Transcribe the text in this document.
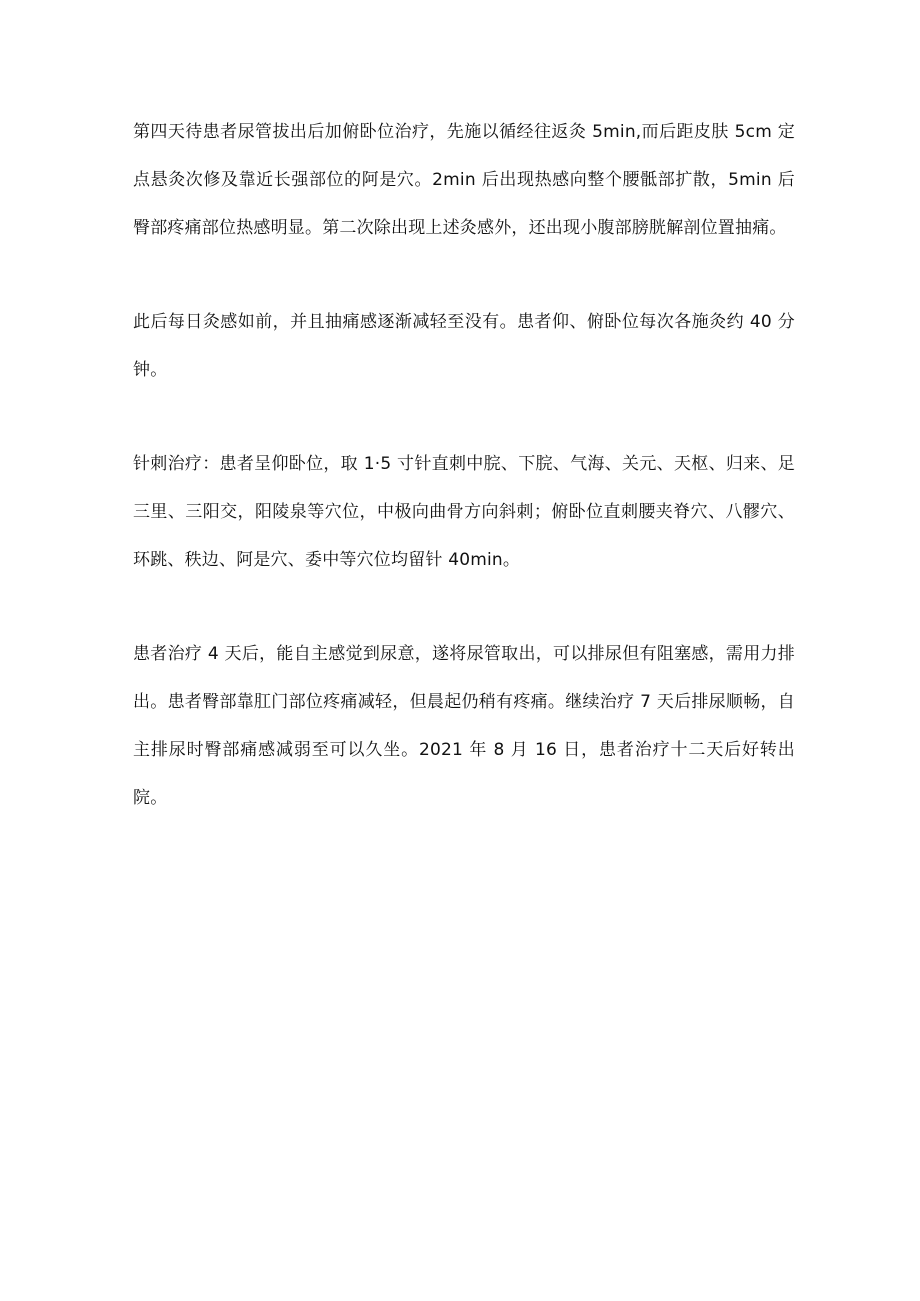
第四天待患者尿管拔出后加俯卧位治疗，先施以循经往返灸 5min,而后距皮肤 5cm 定点悬灸次修及靠近长强部位的阿是穴。2min 后出现热感向整个腰骶部扩散，5min 后臀部疼痛部位热感明显。第二次除出现上述灸感外，还出现小腹部膀胱解剖位置抽痛。

此后每日灸感如前，并且抽痛感逐渐减轻至没有。患者仰、俯卧位每次各施灸约 40 分钟。

针刺治疗：患者呈仰卧位，取 1·5 寸针直刺中脘、下脘、气海、关元、天枢、归来、足三里、三阳交，阳陵泉等穴位，中极向曲骨方向斜刺；俯卧位直刺腰夹脊穴、八髎穴、环跳、秩边、阿是穴、委中等穴位均留针 40min。

患者治疗 4 天后，能自主感觉到尿意，遂将尿管取出，可以排尿但有阻塞感，需用力排出。患者臀部靠肛门部位疼痛减轻，但晨起仍稍有疼痛。继续治疗 7 天后排尿顺畅，自主排尿时臀部痛感减弱至可以久坐。2021 年 8 月 16 日，患者治疗十二天后好转出院。
